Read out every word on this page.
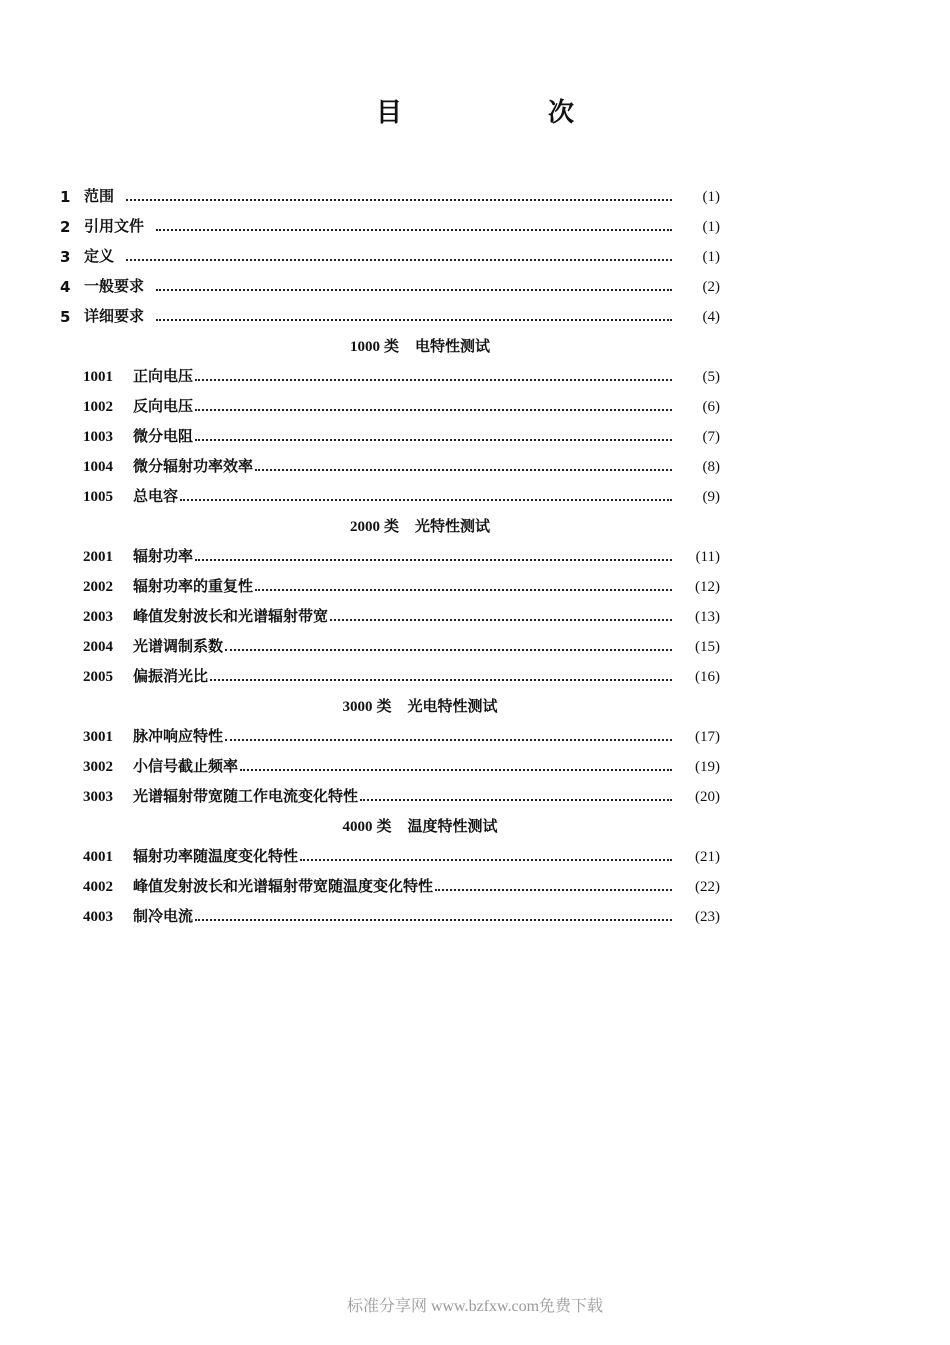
目　次
1 范围	(1)
2 引用文件	(1)
3 定义	(1)
4 一般要求	(2)
5 详细要求	(4)
1000 类 电特性测试
1001	正向电压	(5)
1002	反向电压	(6)
1003	微分电阻	(7)
1004	微分辐射功率效率	(8)
1005	总电容	(9)
2000 类 光特性测试
2001	辐射功率	(11)
2002	辐射功率的重复性	(12)
2003	峰值发射波长和光谱辐射带宽	(13)
2004	光谱调制系数	(15)
2005	偏振消光比	(16)
3000 类 光电特性测试
3001	脉冲响应特性	(17)
3002	小信号截止频率	(19)
3003	光谱辐射带宽随工作电流变化特性	(20)
4000 类 温度特性测试
4001	辐射功率随温度变化特性	(21)
4002	峰值发射波长和光谱辐射带宽随温度变化特性	(22)
4003	制冷电流	(23)
标准分享网 www.bzfxw.com免费下载
